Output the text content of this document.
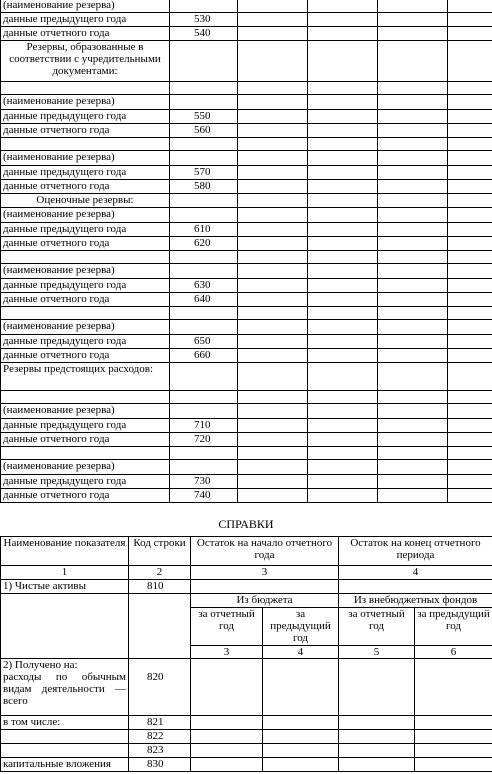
(наименование резерва)					
данные предыдущего года	530				
данные отчетного года	540				
Резервы, образованные в соответствии с учредительными документами:					

(наименование резерва)					
данные предыдущего года	550				
данные отчетного года	560				

(наименование резерва)					
данные предыдущего года	570				
данные отчетного года	580				
Оценочные резервы:					
(наименование резерва)					
данные предыдущего года	610				
данные отчетного года	620				

(наименование резерва)					
данные предыдущего года	630				
данные отчетного года	640				

(наименование резерва)					
данные предыдущего года	650				
данные отчетного года	660				
Резервы предстоящих расходов:					

(наименование резерва)					
данные предыдущего года	710				
данные отчетного года	720				

(наименование резерва)					
данные предыдущего года	730				
данные отчетного года	740				
СПРАВКИ
Наименование показателя	Код строки	Остаток на начало отчетного года		Остаток на конец отчетного периода	
1	2	3		4	
1) Чистые активы	810				
		Из бюджета		Из внебюджетных фондов	
		за отчетный год	за предыдущий год	за отчетный год	за предыдущий год
		3	4	5	6

2) Получено на:
расходы по обычным видам деятельности — всего	820				
в том числе:	821				
	822				
	823				
капитальные вложения	830				
